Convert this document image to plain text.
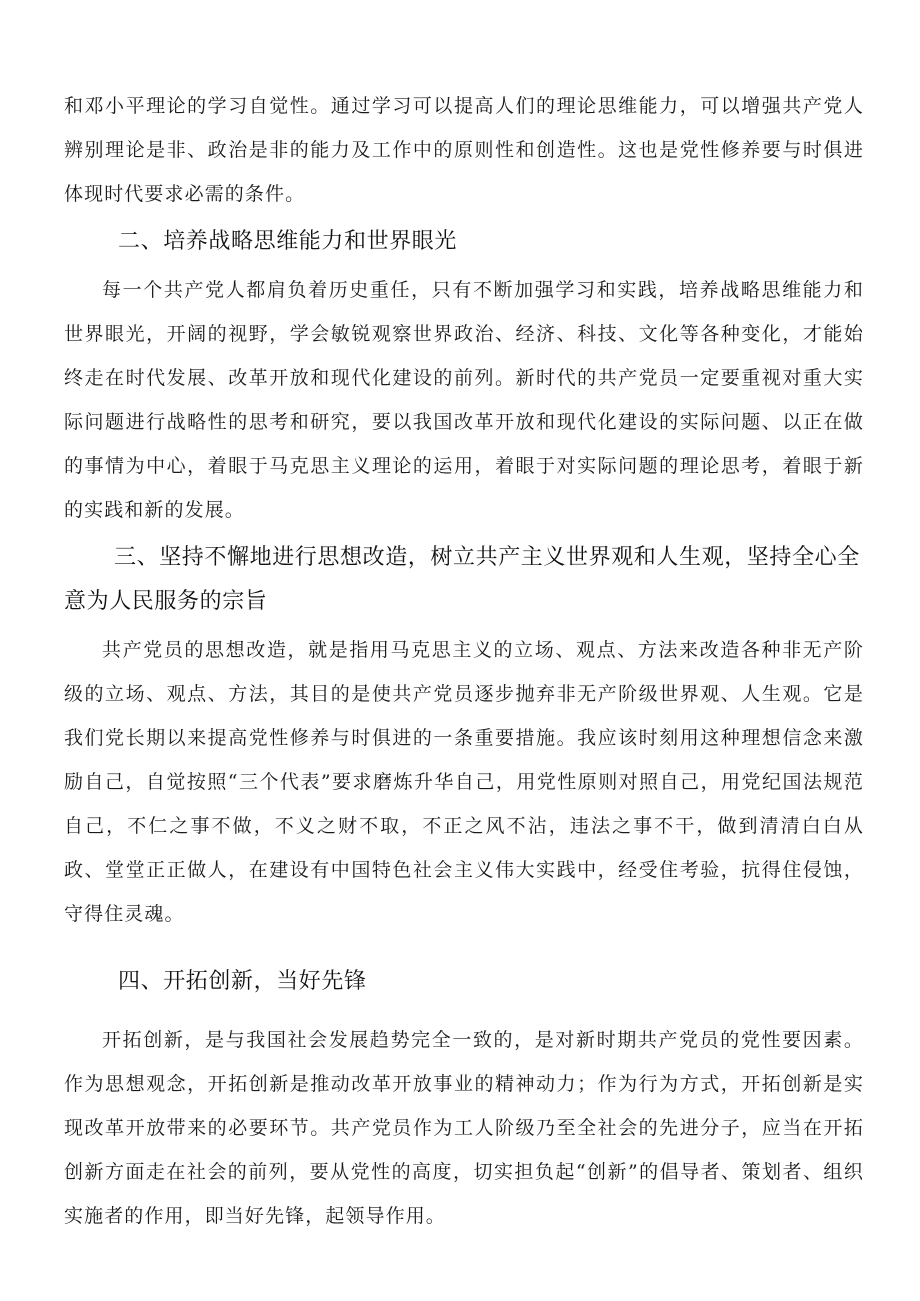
和邓小平理论的学习自觉性。通过学习可以提高人们的理论思维能力，可以增强共产党人辨别理论是非、政治是非的能力及工作中的原则性和创造性。这也是党性修养要与时俱进体现时代要求必需的条件。

二、培养战略思维能力和世界眼光

每一个共产党人都肩负着历史重任，只有不断加强学习和实践，培养战略思维能力和世界眼光，开阔的视野，学会敏锐观察世界政治、经济、科技、文化等各种变化，才能始终走在时代发展、改革开放和现代化建设的前列。新时代的共产党员一定要重视对重大实际问题进行战略性的思考和研究，要以我国改革开放和现代化建设的实际问题、以正在做的事情为中心，着眼于马克思主义理论的运用，着眼于对实际问题的理论思考，着眼于新的实践和新的发展。

三、坚持不懈地进行思想改造，树立共产主义世界观和人生观，坚持全心全意为人民服务的宗旨

共产党员的思想改造，就是指用马克思主义的立场、观点、方法来改造各种非无产阶级的立场、观点、方法，其目的是使共产党员逐步抛弃非无产阶级世界观、人生观。它是我们党长期以来提高党性修养与时俱进的一条重要措施。我应该时刻用这种理想信念来激励自己，自觉按照“三个代表”要求磨炼升华自己，用党性原则对照自己，用党纪国法规范自己，不仁之事不做，不义之财不取，不正之风不沾，违法之事不干，做到清清白白从政、堂堂正正做人，在建设有中国特色社会主义伟大实践中，经受住考验，抗得住侵蚀，守得住灵魂。

四、开拓创新，当好先锋

开拓创新，是与我国社会发展趋势完全一致的，是对新时期共产党员的党性要因素。作为思想观念，开拓创新是推动改革开放事业的精神动力；作为行为方式，开拓创新是实现改革开放带来的必要环节。共产党员作为工人阶级乃至全社会的先进分子，应当在开拓创新方面走在社会的前列，要从党性的高度，切实担负起“创新”的倡导者、策划者、组织实施者的作用，即当好先锋，起领导作用。
